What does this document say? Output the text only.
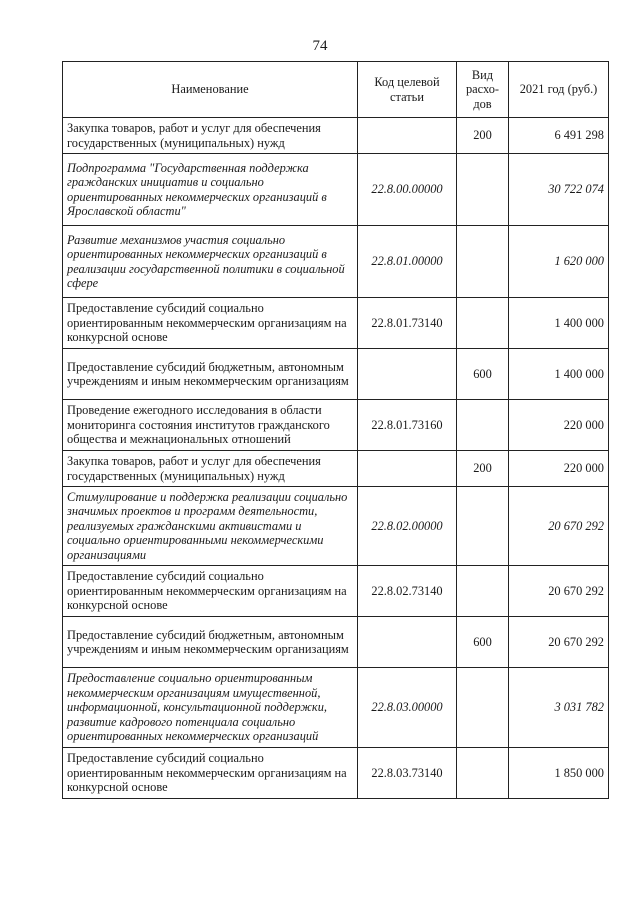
74
Наименование	Код целевой статьи	Вид расхо-дов	2021 год (руб.)
Закупка товаров, работ и услуг для обеспечения государственных (муниципальных) нужд		200	6 491 298
Подпрограмма "Государственная поддержка гражданских инициатив и социально ориентированных некоммерческих организаций в Ярославской области"	22.8.00.00000		30 722 074
Развитие механизмов участия социально ориентированных некоммерческих организаций в реализации государственной политики в социальной сфере	22.8.01.00000		1 620 000
Предоставление субсидий социально ориентированным некоммерческим организациям на конкурсной основе	22.8.01.73140		1 400 000
Предоставление субсидий бюджетным, автономным учреждениям и иным некоммерческим организациям		600	1 400 000
Проведение ежегодного исследования в области мониторинга состояния институтов гражданского общества и межнациональных отношений	22.8.01.73160		220 000
Закупка товаров, работ и услуг для обеспечения государственных (муниципальных) нужд		200	220 000
Стимулирование и поддержка реализации социально значимых проектов и программ деятельности, реализуемых гражданскими активистами и социально ориентированными некоммерческими организациями	22.8.02.00000		20 670 292
Предоставление субсидий социально ориентированным некоммерческим организациям на конкурсной основе	22.8.02.73140		20 670 292
Предоставление субсидий бюджетным, автономным учреждениям и иным некоммерческим организациям		600	20 670 292
Предоставление социально ориентированным некоммерческим организациям имущественной, информационной, консультационной поддержки, развитие кадрового потенциала социально ориентированных некоммерческих организаций	22.8.03.00000		3 031 782
Предоставление субсидий социально ориентированным некоммерческим организациям на конкурсной основе	22.8.03.73140		1 850 000
